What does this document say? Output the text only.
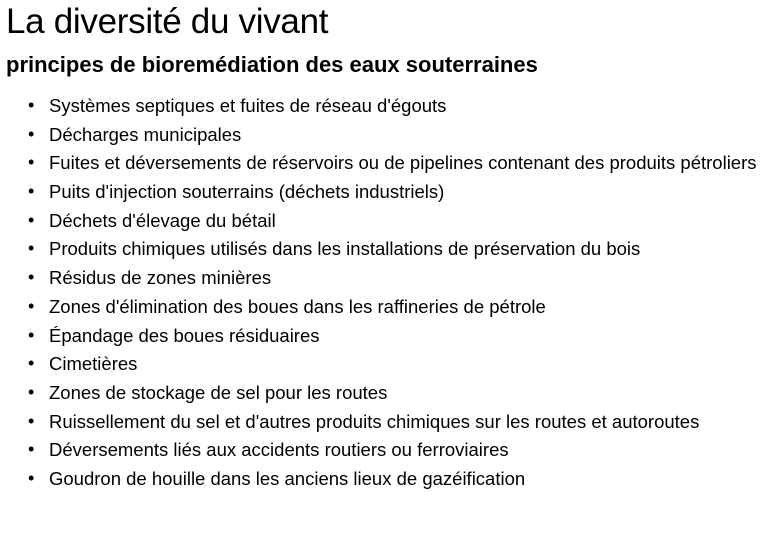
La diversité du vivant
principes de bioremédiation des eaux souterraines
• Systèmes septiques et fuites de réseau d'égouts
• Décharges municipales
• Fuites et déversements de réservoirs ou de pipelines contenant des produits pétroliers
• Puits d'injection souterrains (déchets industriels)
• Déchets d'élevage du bétail
• Produits chimiques utilisés dans les installations de préservation du bois
• Résidus de zones minières
• Zones d'élimination des boues dans les raffineries de pétrole
• Épandage des boues résiduaires
• Cimetières
• Zones de stockage de sel pour les routes
• Ruissellement du sel et d'autres produits chimiques sur les routes et autoroutes
• Déversements liés aux accidents routiers ou ferroviaires
• Goudron de houille dans les anciens lieux de gazéification
